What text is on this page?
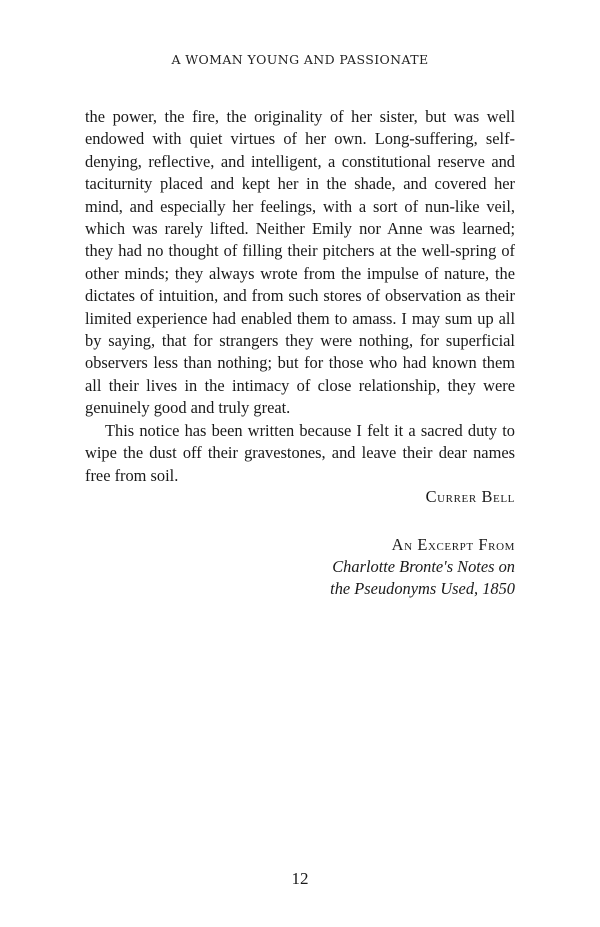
A WOMAN YOUNG AND PASSIONATE

the power, the fire, the originality of her sister, but was well endowed with quiet virtues of her own. Long-suffering, self-denying, reflective, and intelligent, a constitutional reserve and taciturnity placed and kept her in the shade, and covered her mind, and especially her feelings, with a sort of nun-like veil, which was rarely lifted. Neither Emily nor Anne was learned; they had no thought of filling their pitchers at the well-spring of other minds; they always wrote from the impulse of nature, the dictates of intuition, and from such stores of observation as their limited experience had enabled them to amass. I may sum up all by saying, that for strangers they were nothing, for superficial observers less than nothing; but for those who had known them all their lives in the intimacy of close relationship, they were genuinely good and truly great.

This notice has been written because I felt it a sacred duty to wipe the dust off their gravestones, and leave their dear names free from soil.

Currer Bell
An Excerpt From
Charlotte Bronte's Notes on
the Pseudonyms Used, 1850
12
